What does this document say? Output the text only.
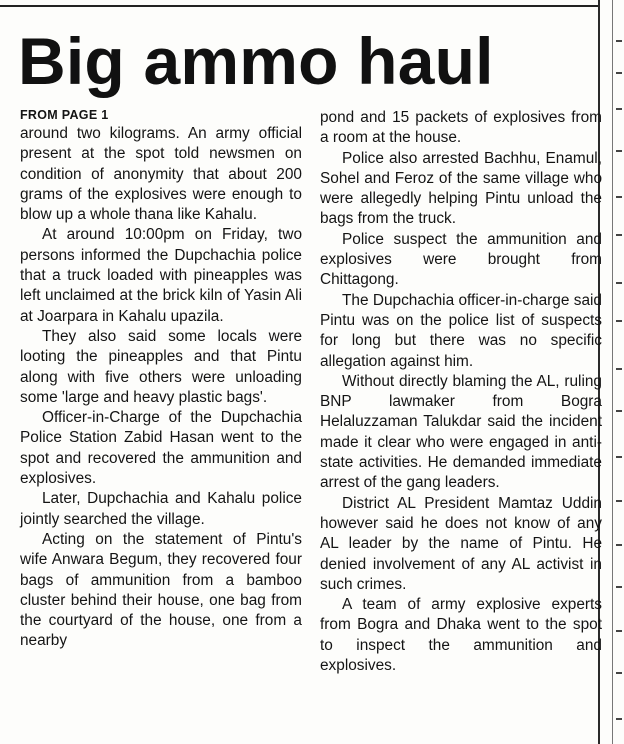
Big ammo haul
FROM PAGE 1

around two kilograms. An army official present at the spot told newsmen on condition of anonymity that about 200 grams of the explosives were enough to blow up a whole thana like Kahalu.

At around 10:00pm on Friday, two persons informed the Dupchachia police that a truck loaded with pineapples was left unclaimed at the brick kiln of Yasin Ali at Joarpara in Kahalu upazila.

They also said some locals were looting the pineapples and that Pintu along with five others were unloading some 'large and heavy plastic bags'.

Officer-in-Charge of the Dupchachia Police Station Zabid Hasan went to the spot and recovered the ammunition and explosives.

Later, Dupchachia and Kahalu police jointly searched the village.

Acting on the statement of Pintu's wife Anwara Begum, they recovered four bags of ammunition from a bamboo cluster behind their house, one bag from the courtyard of the house, one from a nearby

pond and 15 packets of explosives from a room at the house.

Police also arrested Bachhu, Enamul, Sohel and Feroz of the same village who were allegedly helping Pintu unload the bags from the truck.

Police suspect the ammunition and explosives were brought from Chittagong.

The Dupchachia officer-in-charge said Pintu was on the police list of suspects for long but there was no specific allegation against him.

Without directly blaming the AL, ruling BNP lawmaker from Bogra Helaluzzaman Talukdar said the incident made it clear who were engaged in anti-state activities. He demanded immediate arrest of the gang leaders.

District AL President Mamtaz Uddin however said he does not know of any AL leader by the name of Pintu. He denied involvement of any AL activist in such crimes.

A team of army explosive experts from Bogra and Dhaka went to the spot to inspect the ammunition and explosives.
